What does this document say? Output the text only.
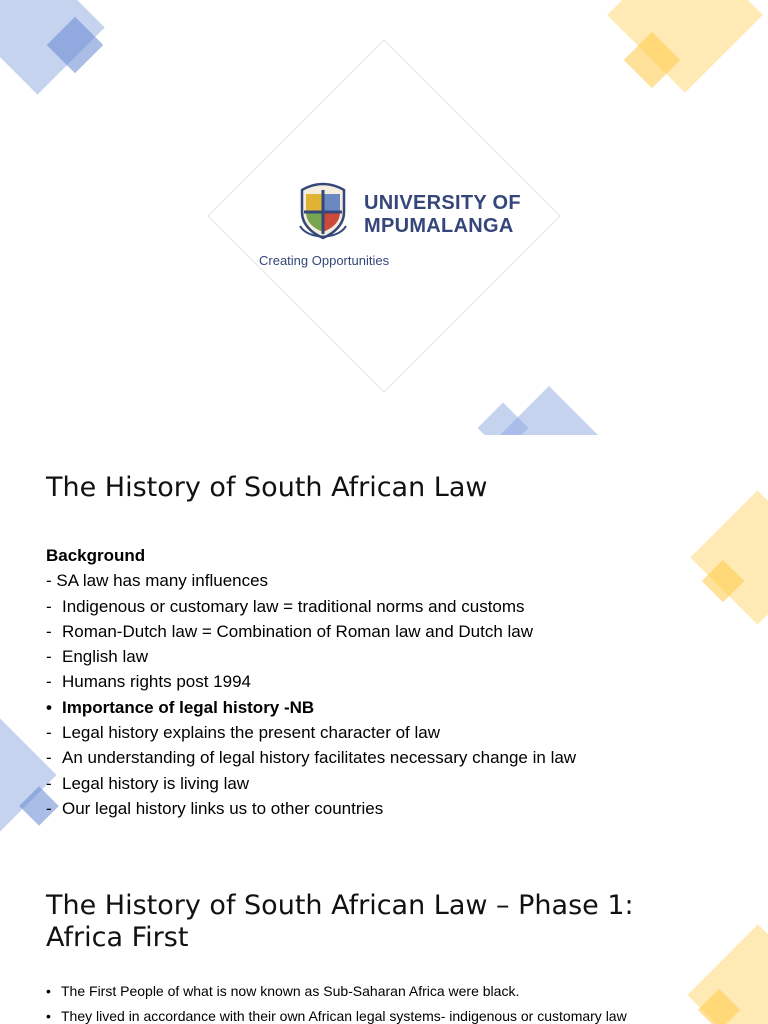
UNIVERSITY OF
MPUMALANGA
Creating Opportunities
The History of South African Law
Background
- SA law has many influences
- Indigenous or customary law = traditional norms and customs
- Roman-Dutch law = Combination of Roman law and Dutch law
- English law
- Humans rights post 1994
• Importance of legal history -NB
- Legal history explains the present character of law
- An understanding of legal history facilitates necessary change in law
- Legal history is living law
- Our legal history links us to other countries
The History of South African Law – Phase 1:
Africa First
• The First People of what is now known as Sub-Saharan Africa were black.
• They lived in accordance with their own African legal systems- indigenous or customary law
